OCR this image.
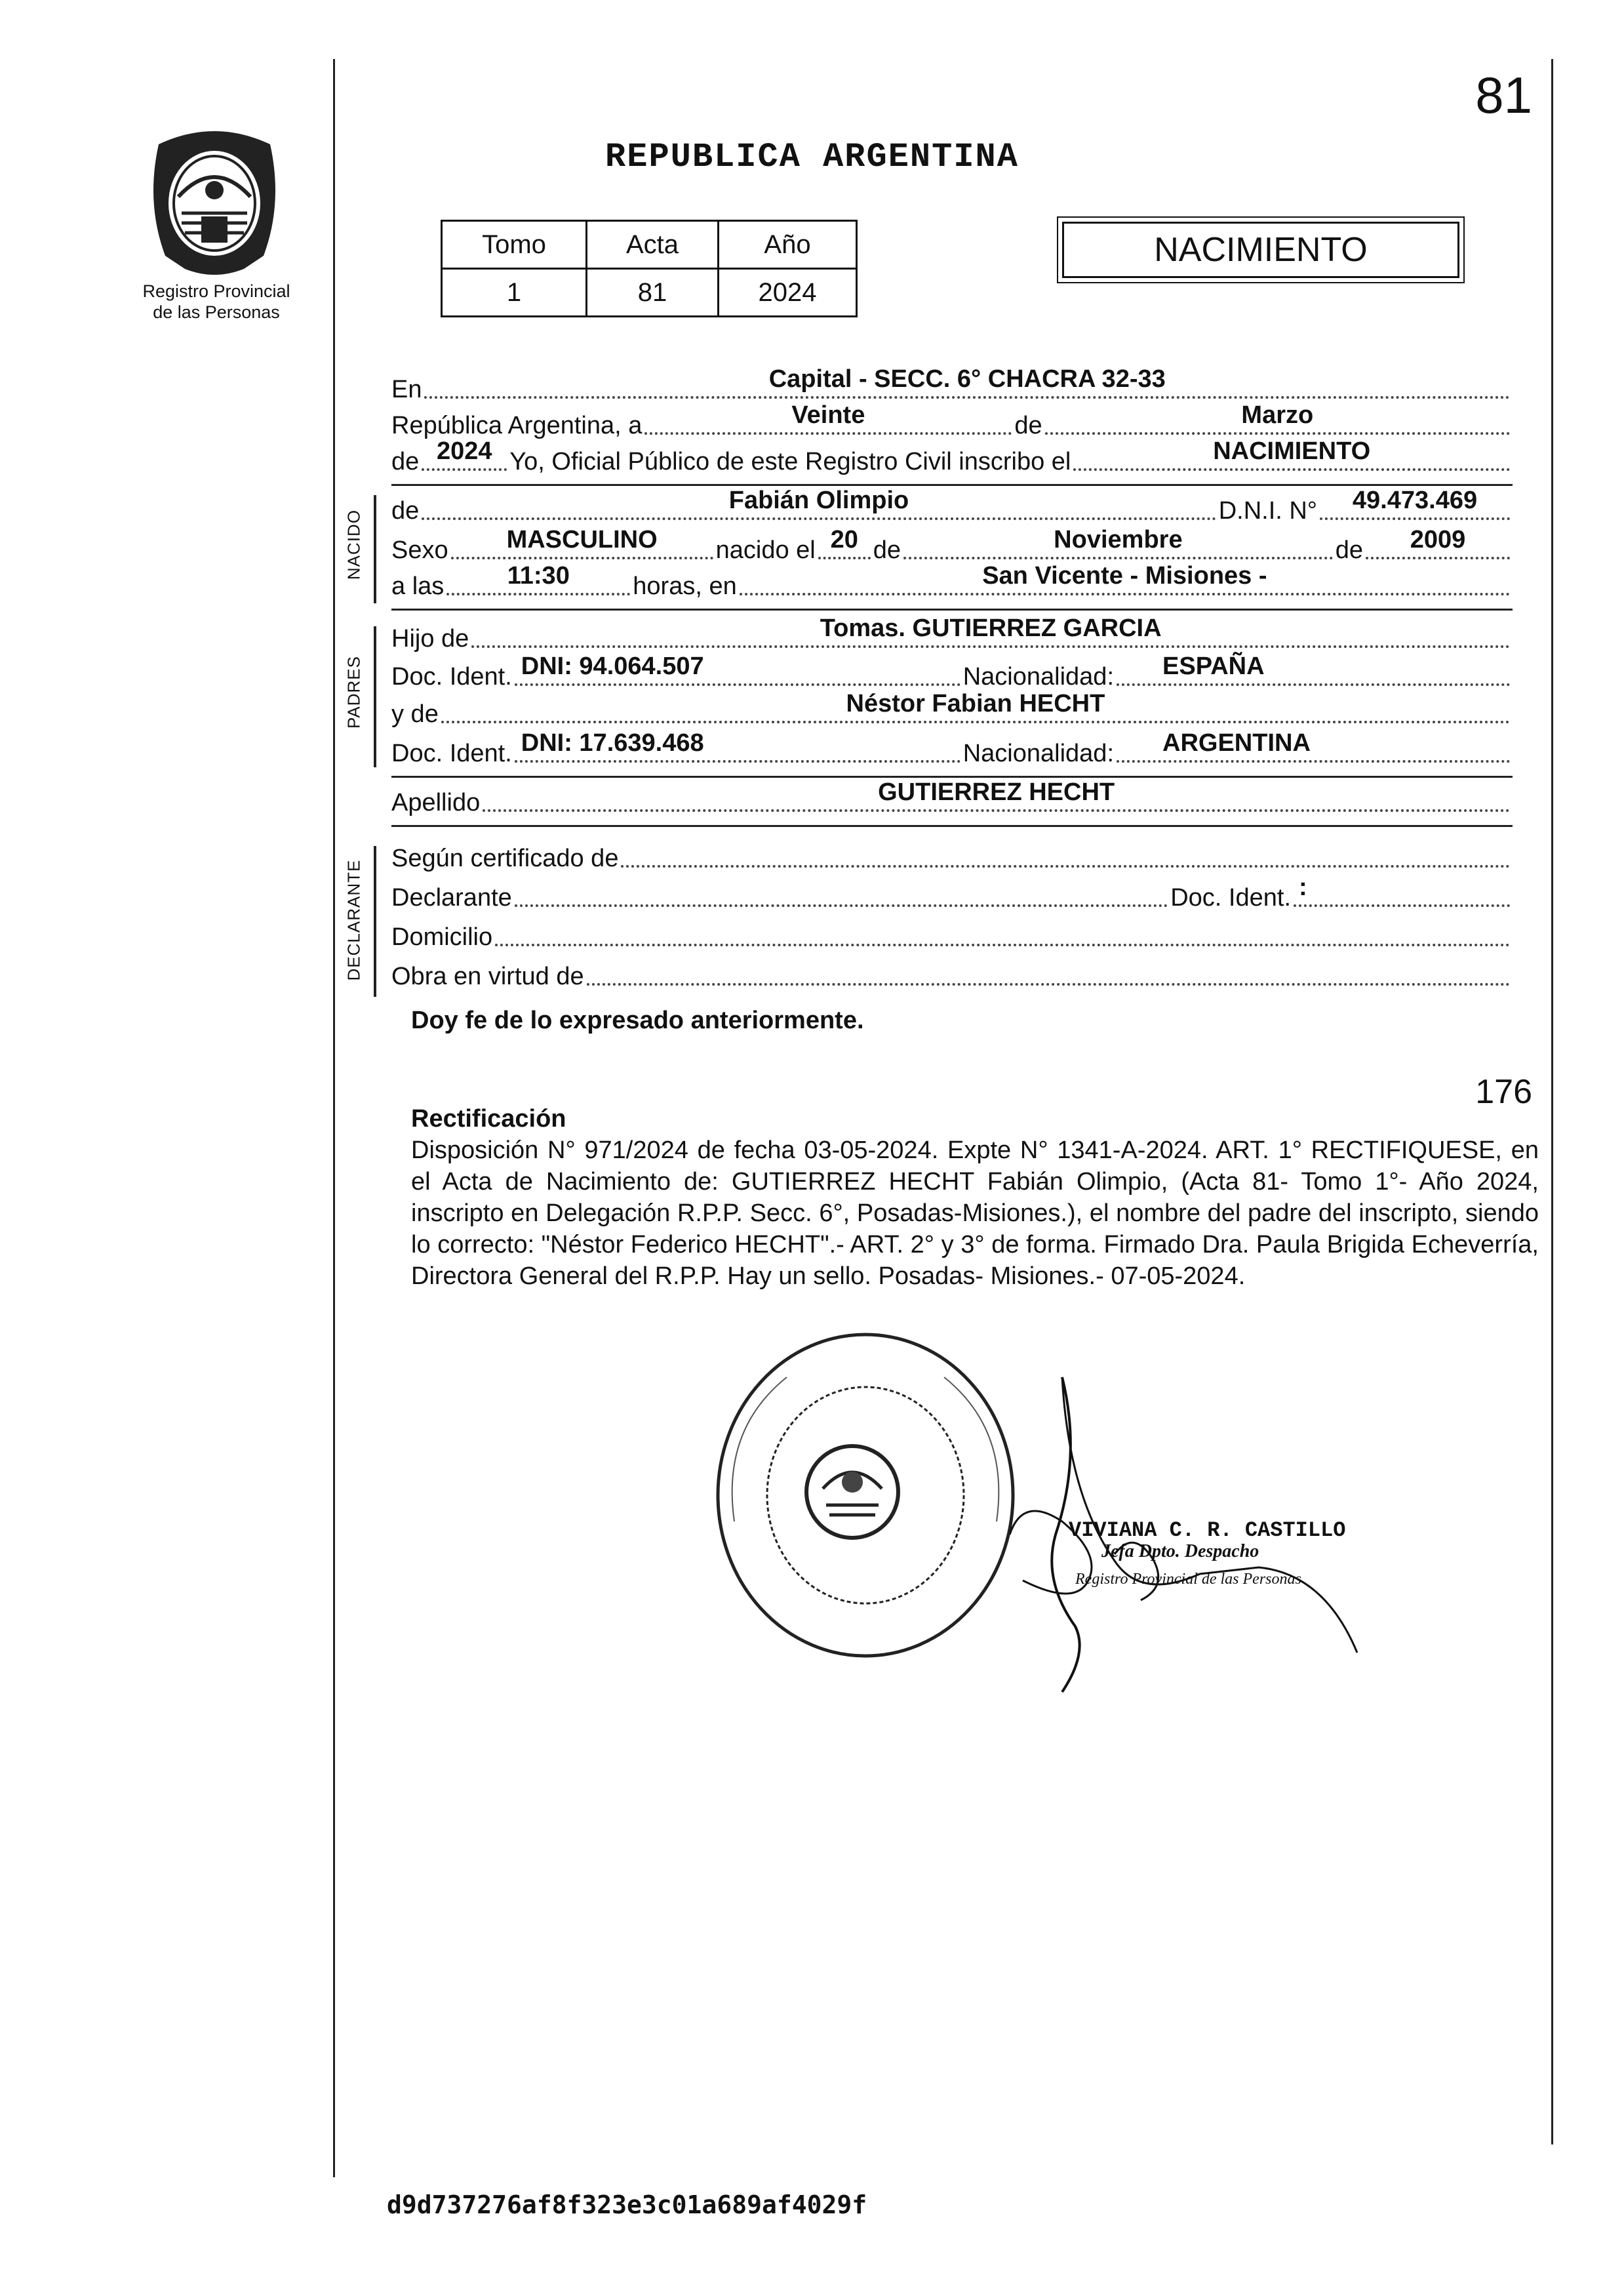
81
Registro Provincial
de las Personas
REPUBLICA ARGENTINA
Tomo	Acta	Año
1	81	2024
NACIMIENTO
En	Capital - SECC. 6° CHACRA 32-33
República Argentina, a	Veinte	de	Marzo
de 2024 Yo, Oficial Público de este Registro Civil inscribo el	NACIMIENTO
NACIDO de	Fabián Olimpio	D.N.I. N°	49.473.469
Sexo	MASCULINO	nacido el 20 de	Noviembre	de	2009
a las	11:30	horas, en	San Vicente - Misiones -
PADRES
Hijo de	Tomas. GUTIERREZ GARCIA
Doc. Ident. DNI: 94.064.507	Nacionalidad: ESPAÑA
y de	Néstor Fabian HECHT
Doc. Ident. DNI: 17.639.468	Nacionalidad: ARGENTINA
Apellido	GUTIERREZ HECHT
DECLARANTE
Según certificado de
Declarante	Doc. Ident. :
Domicilio
Obra en virtud de
Doy fe de lo expresado anteriormente.
176
Rectificación
Disposición N° 971/2024 de fecha 03-05-2024. Expte N° 1341-A-2024. ART. 1° RECTIFIQUESE, en el Acta de Nacimiento de: GUTIERREZ HECHT Fabián Olimpio, (Acta 81- Tomo 1°- Año 2024, inscripto en Delegación R.P.P. Secc. 6°, Posadas-Misiones.), el nombre del padre del inscripto, siendo lo correcto: "Néstor Federico HECHT".- ART. 2° y 3° de forma. Firmado Dra. Paula Brigida Echeverría, Directora General del R.P.P. Hay un sello. Posadas- Misiones.- 07-05-2024.
VIVIANA C. R. CASTILLO
Jefa Dpto. Despacho
Registro Provincial de las Personas
d9d737276af8f323e3c01a689af4029f
